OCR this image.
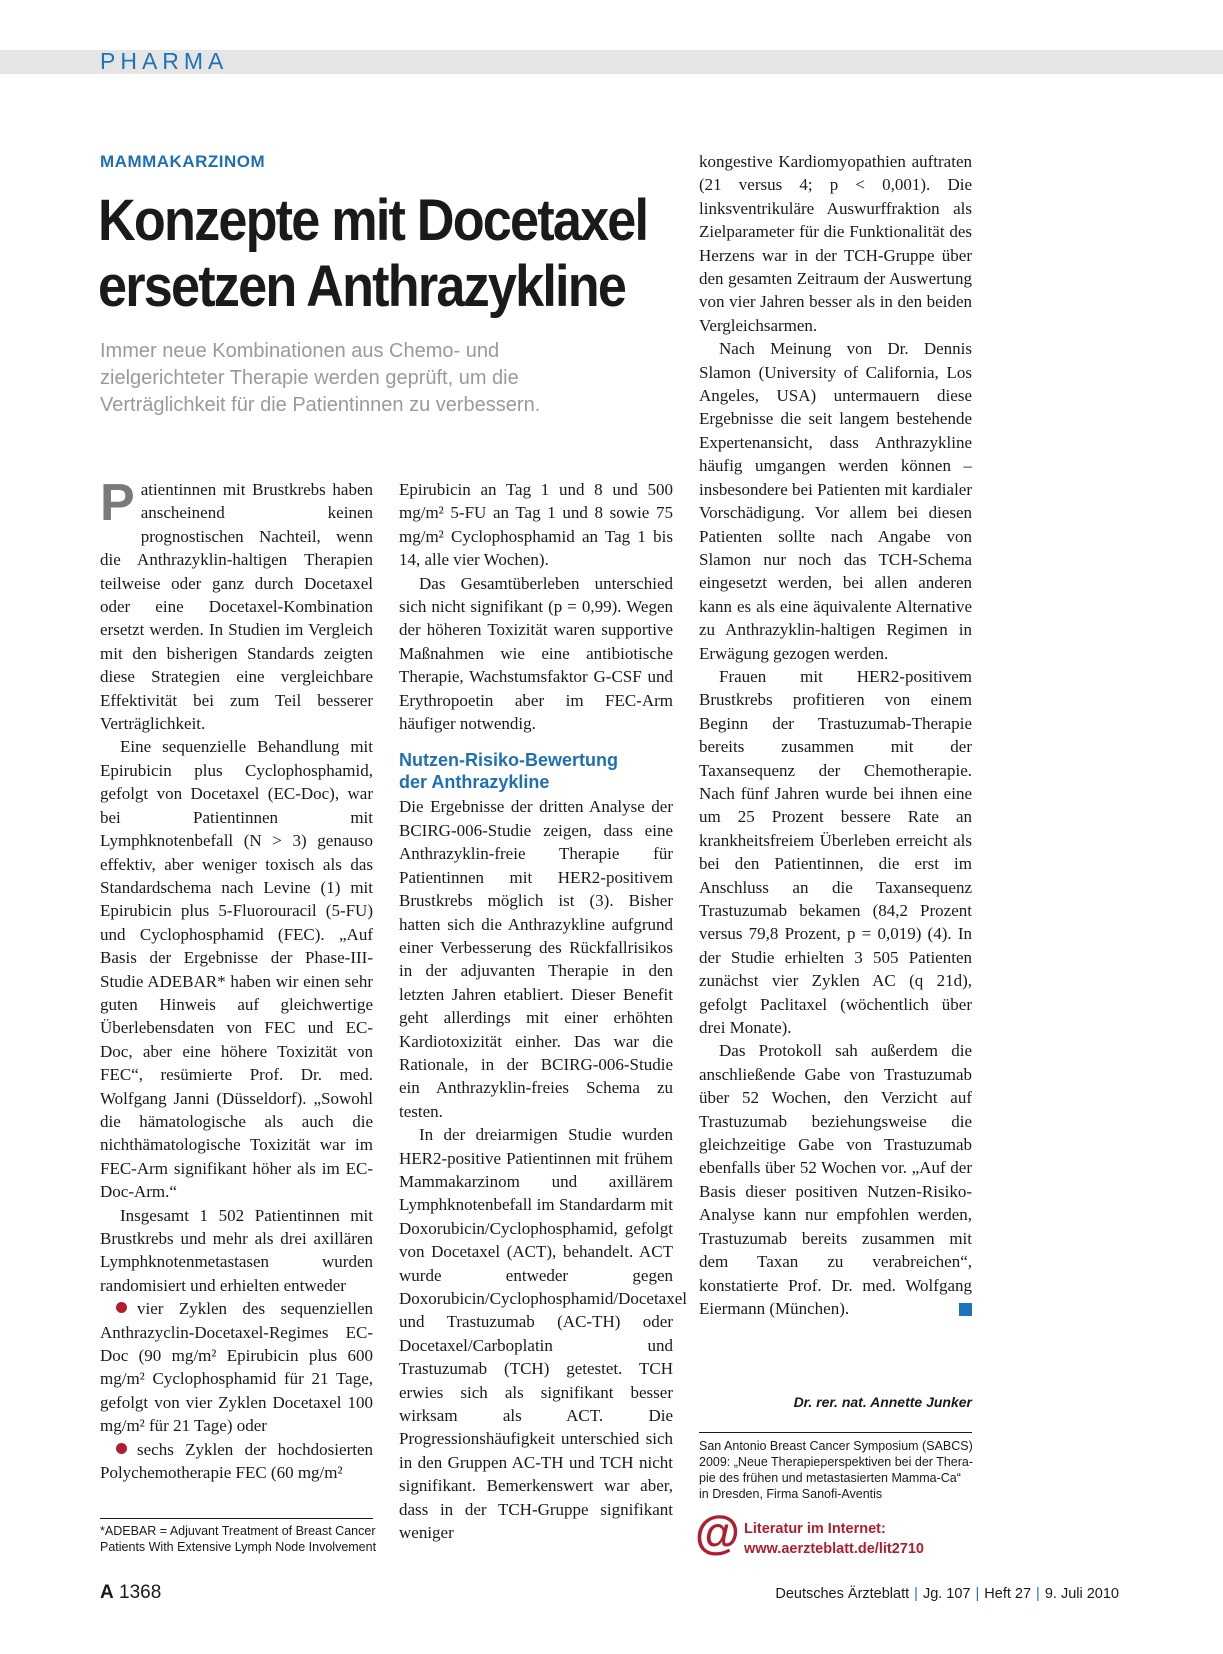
PHARMA
MAMMAKARZINOM
Konzepte mit Docetaxel
ersetzen Anthrazykline
Immer neue Kombinationen aus Chemo- und
zielgerichteter Therapie werden geprüft, um die
Verträglichkeit für die Patientinnen zu verbessern.

Patientinnen mit Brustkrebs haben anscheinend keinen prognostischen Nachteil, wenn die Anthrazyklin-haltigen Therapien teilweise oder ganz durch Docetaxel oder eine Docetaxel-Kombination ersetzt werden. In Studien im Vergleich mit den bisherigen Standards zeigten diese Strategien eine vergleichbare Effektivität bei zum Teil besserer Verträglichkeit.

Eine sequenzielle Behandlung mit Epirubicin plus Cyclophosphamid, gefolgt von Docetaxel (EC-Doc), war bei Patientinnen mit Lymphknotenbefall (N > 3) genauso effektiv, aber weniger toxisch als das Standardschema nach Levine (1) mit Epirubicin plus 5-Fluorouracil (5-FU) und Cyclophosphamid (FEC). „Auf Basis der Ergebnisse der Phase-III-Studie ADEBAR* haben wir einen sehr guten Hinweis auf gleichwertige Überlebensdaten von FEC und EC-Doc, aber eine höhere Toxizität von FEC“, resümierte Prof. Dr. med. Wolfgang Janni (Düsseldorf). „Sowohl die hämatologische als auch die nichthämatologische Toxizität war im FEC-Arm signifikant höher als im EC-Doc-Arm.“

Insgesamt 1 502 Patientinnen mit Brustkrebs und mehr als drei axillären Lymphknotenmetastasen wurden randomisiert und erhielten entweder

vier Zyklen des sequenziellen Anthrazyclin-Docetaxel-Regimes EC-Doc (90 mg/m² Epirubicin plus 600 mg/m² Cyclophosphamid für 21 Tage, gefolgt von vier Zyklen Docetaxel 100 mg/m² für 21 Tage) oder

sechs Zyklen der hochdosierten Polychemotherapie FEC (60 mg/m²

Epirubicin an Tag 1 und 8 und 500 mg/m² 5-FU an Tag 1 und 8 sowie 75 mg/m² Cyclophosphamid an Tag 1 bis 14, alle vier Wochen).

Das Gesamtüberleben unterschied sich nicht signifikant (p = 0,99). Wegen der höheren Toxizität waren supportive Maßnahmen wie eine antibiotische Therapie, Wachstumsfaktor G-CSF und Erythropoetin aber im FEC-Arm häufiger notwendig.

Nutzen-Risiko-Bewertung
der Anthrazykline

Die Ergebnisse der dritten Analyse der BCIRG-006-Studie zeigen, dass eine Anthrazyklin-freie Therapie für Patientinnen mit HER2-positivem Brustkrebs möglich ist (3). Bisher hatten sich die Anthrazykline aufgrund einer Verbesserung des Rückfallrisikos in der adjuvanten Therapie in den letzten Jahren etabliert. Dieser Benefit geht allerdings mit einer erhöhten Kardiotoxizität einher. Das war die Rationale, in der BCIRG-006-Studie ein Anthrazyklin-freies Schema zu testen.

In der dreiarmigen Studie wurden HER2-positive Patientinnen mit frühem Mammakarzinom und axillärem Lymphknotenbefall im Standardarm mit Doxorubicin/Cyclophosphamid, gefolgt von Docetaxel (ACT), behandelt. ACT wurde entweder gegen Doxorubicin/Cyclophosphamid/Docetaxel und Trastuzumab (AC-TH) oder Docetaxel/Carboplatin und Trastuzumab (TCH) getestet. TCH erwies sich als signifikant besser wirksam als ACT. Die Progressionshäufigkeit unterschied sich in den Gruppen AC-TH und TCH nicht signifikant. Bemerkenswert war aber, dass in der TCH-Gruppe signifikant weniger

kongestive Kardiomyopathien auftraten (21 versus 4; p < 0,001). Die linksventrikuläre Auswurffraktion als Zielparameter für die Funktionalität des Herzens war in der TCH-Gruppe über den gesamten Zeitraum der Auswertung von vier Jahren besser als in den beiden Vergleichsarmen.

Nach Meinung von Dr. Dennis Slamon (University of California, Los Angeles, USA) untermauern diese Ergebnisse die seit langem bestehende Expertenansicht, dass Anthrazykline häufig umgangen werden können – insbesondere bei Patienten mit kardialer Vorschädigung. Vor allem bei diesen Patienten sollte nach Angabe von Slamon nur noch das TCH-Schema eingesetzt werden, bei allen anderen kann es als eine äquivalente Alternative zu Anthrazyklin-haltigen Regimen in Erwägung gezogen werden.

Frauen mit HER2-positivem Brustkrebs profitieren von einem Beginn der Trastuzumab-Therapie bereits zusammen mit der Taxansequenz der Chemotherapie. Nach fünf Jahren wurde bei ihnen eine um 25 Prozent bessere Rate an krankheitsfreiem Überleben erreicht als bei den Patientinnen, die erst im Anschluss an die Taxansequenz Trastuzumab bekamen (84,2 Prozent versus 79,8 Prozent, p = 0,019) (4). In der Studie erhielten 3 505 Patienten zunächst vier Zyklen AC (q 21d), gefolgt Paclitaxel (wöchentlich über drei Monate).

Das Protokoll sah außerdem die anschließende Gabe von Trastuzumab über 52 Wochen, den Verzicht auf Trastuzumab beziehungsweise die gleichzeitige Gabe von Trastuzumab ebenfalls über 52 Wochen vor. „Auf der Basis dieser positiven Nutzen-Risiko-Analyse kann nur empfohlen werden, Trastuzumab bereits zusammen mit dem Taxan zu verabreichen“, konstatierte Prof. Dr. med. Wolfgang Eiermann (München).

Dr. rer. nat. Annette Junker
San Antonio Breast Cancer Symposium (SABCS)
2009: „Neue Therapieperspektiven bei der Thera-
pie des frühen und metastasierten Mamma-Ca“
in Dresden, Firma Sanofi-Aventis
@ Literatur im Internet:
www.aerzteblatt.de/lit2710
*ADEBAR = Adjuvant Treatment of Breast Cancer
Patients With Extensive Lymph Node Involvement
A 1368	Deutsches Ärzteblatt | Jg. 107 | Heft 27 | 9. Juli 2010
